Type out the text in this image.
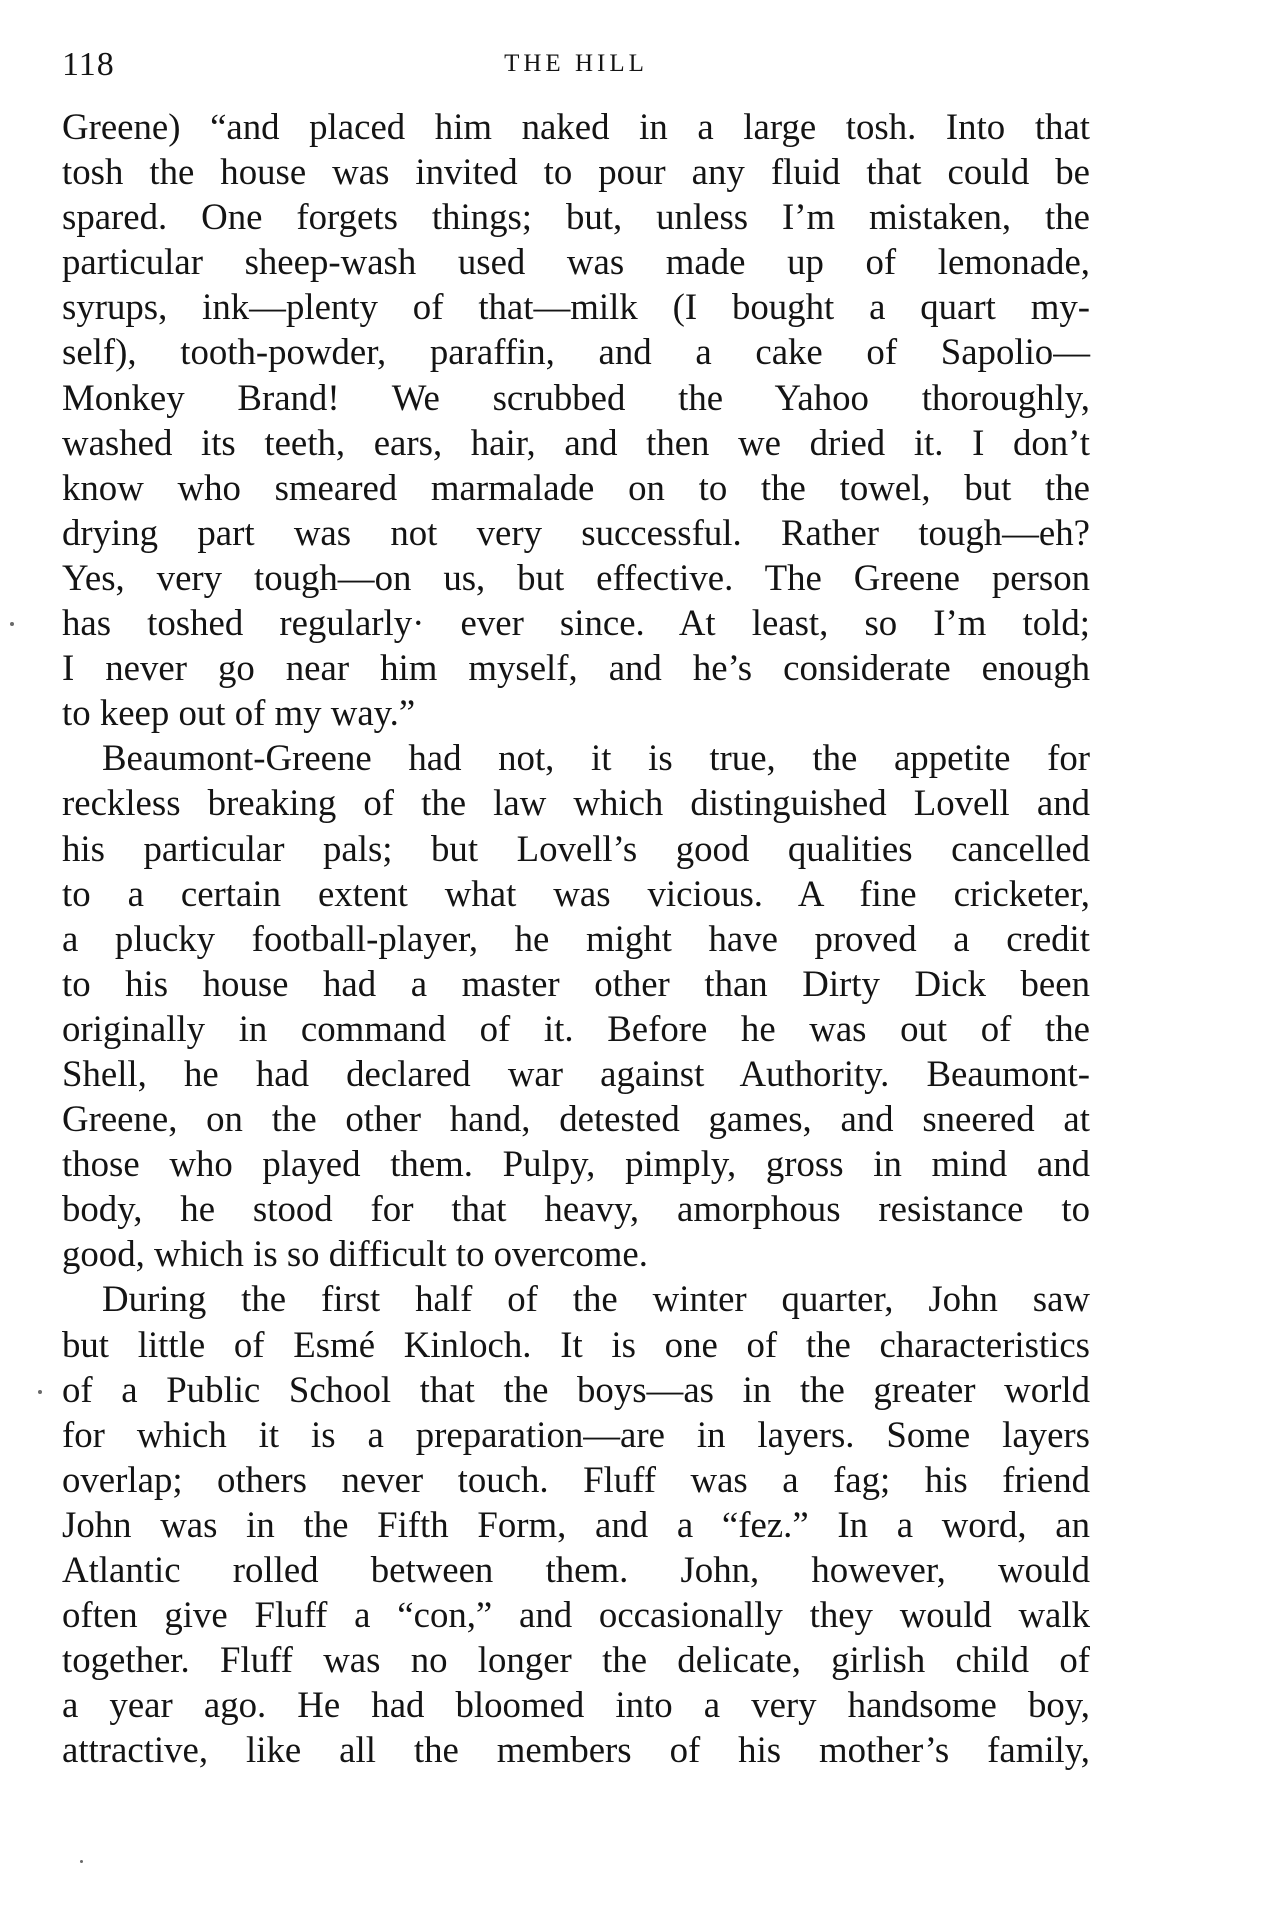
118	THE HILL

Greene) “and placed him naked in a large tosh. Into that

tosh the house was invited to pour any fluid that could be

spared. One forgets things; but, unless I’m mistaken, the

particular sheep-wash used was made up of lemonade,

syrups, ink—plenty of that—milk (I bought a quart my-

self), tooth-powder, paraffin, and a cake of Sapolio—

Monkey Brand! We scrubbed the Yahoo thoroughly,

washed its teeth, ears, hair, and then we dried it. I don’t

know who smeared marmalade on to the towel, but the

drying part was not very successful. Rather tough—eh?

Yes, very tough—on us, but effective. The Greene person

has toshed regularly· ever since. At least, so I’m told;

I never go near him myself, and he’s considerate enough

to keep out of my way.”

Beaumont-Greene had not, it is true, the appetite for

reckless breaking of the law which distinguished Lovell and

his particular pals; but Lovell’s good qualities cancelled

to a certain extent what was vicious. A fine cricketer,

a plucky football-player, he might have proved a credit

to his house had a master other than Dirty Dick been

originally in command of it. Before he was out of the

Shell, he had declared war against Authority. Beaumont-

Greene, on the other hand, detested games, and sneered at

those who played them. Pulpy, pimply, gross in mind and

body, he stood for that heavy, amorphous resistance to

good, which is so difficult to overcome.

During the first half of the winter quarter, John saw

but little of Esmé Kinloch. It is one of the characteristics

of a Public School that the boys—as in the greater world

for which it is a preparation—are in layers. Some layers

overlap; others never touch. Fluff was a fag; his friend

John was in the Fifth Form, and a “fez.” In a word, an

Atlantic rolled between them. John, however, would

often give Fluff a “con,” and occasionally they would walk

together. Fluff was no longer the delicate, girlish child of

a year ago. He had bloomed into a very handsome boy,

attractive, like all the members of his mother’s family,
